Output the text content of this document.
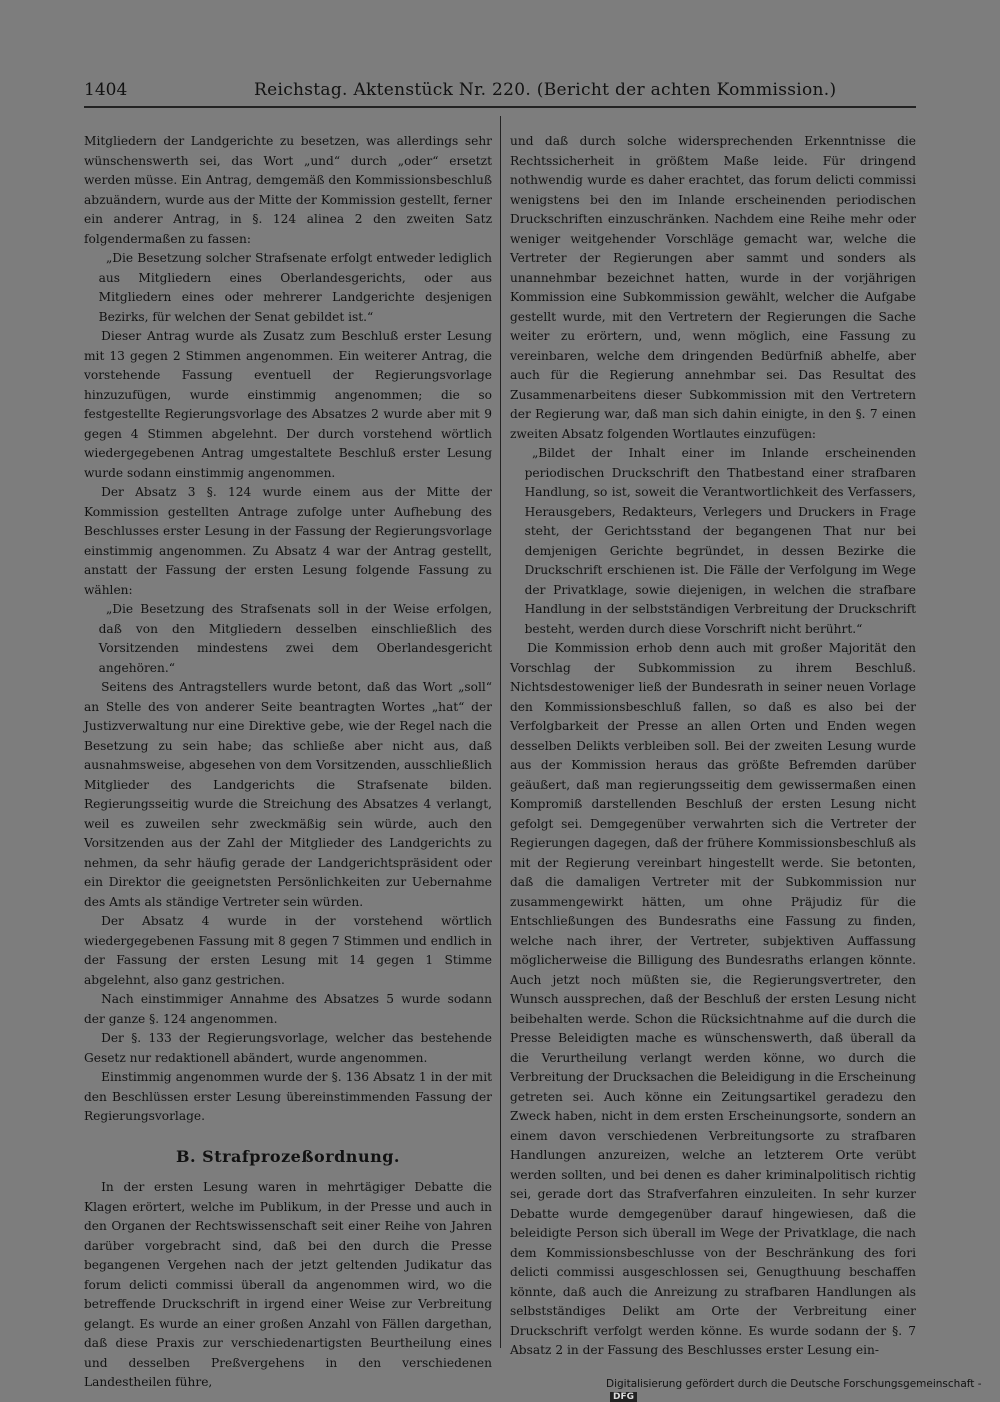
1404	Reichstag. Aktenstück Nr. 220. (Bericht der achten Kommission.)

Mitgliedern der Landgerichte zu besetzen, was allerdings sehr wünschenswerth sei, das Wort „und“ durch „oder“ ersetzt werden müsse. Ein Antrag, demgemäß den Kommissionsbeschluß abzuändern, wurde aus der Mitte der Kommission gestellt, ferner ein anderer Antrag, in §. 124 alinea 2 den zweiten Satz folgendermaßen zu fassen:

„Die Besetzung solcher Strafsenate erfolgt entweder lediglich aus Mitgliedern eines Oberlandesgerichts, oder aus Mitgliedern eines oder mehrerer Landgerichte desjenigen Bezirks, für welchen der Senat gebildet ist.“

Dieser Antrag wurde als Zusatz zum Beschluß erster Lesung mit 13 gegen 2 Stimmen angenommen. Ein weiterer Antrag, die vorstehende Fassung eventuell der Regierungsvorlage hinzuzufügen, wurde einstimmig angenommen; die so festgestellte Regierungsvorlage des Absatzes 2 wurde aber mit 9 gegen 4 Stimmen abgelehnt. Der durch vorstehend wörtlich wiedergegebenen Antrag umgestaltete Beschluß erster Lesung wurde sodann einstimmig angenommen.

Der Absatz 3 §. 124 wurde einem aus der Mitte der Kommission gestellten Antrage zufolge unter Aufhebung des Beschlusses erster Lesung in der Fassung der Regierungsvorlage einstimmig angenommen. Zu Absatz 4 war der Antrag gestellt, anstatt der Fassung der ersten Lesung folgende Fassung zu wählen:

„Die Besetzung des Strafsenats soll in der Weise erfolgen, daß von den Mitgliedern desselben einschließlich des Vorsitzenden mindestens zwei dem Oberlandesgericht angehören.“

Seitens des Antragstellers wurde betont, daß das Wort „soll“ an Stelle des von anderer Seite beantragten Wortes „hat“ der Justizverwaltung nur eine Direktive gebe, wie der Regel nach die Besetzung zu sein habe; das schließe aber nicht aus, daß ausnahmsweise, abgesehen von dem Vorsitzenden, ausschließlich Mitglieder des Landgerichts die Strafsenate bilden. Regierungsseitig wurde die Streichung des Absatzes 4 verlangt, weil es zuweilen sehr zweckmäßig sein würde, auch den Vorsitzenden aus der Zahl der Mitglieder des Landgerichts zu nehmen, da sehr häufig gerade der Landgerichtspräsident oder ein Direktor die geeignetsten Persönlichkeiten zur Uebernahme des Amts als ständige Vertreter sein würden.

Der Absatz 4 wurde in der vorstehend wörtlich wiedergegebenen Fassung mit 8 gegen 7 Stimmen und endlich in der Fassung der ersten Lesung mit 14 gegen 1 Stimme abgelehnt, also ganz gestrichen.

Nach einstimmiger Annahme des Absatzes 5 wurde sodann der ganze §. 124 angenommen.

Der §. 133 der Regierungsvorlage, welcher das bestehende Gesetz nur redaktionell abändert, wurde angenommen.

Einstimmig angenommen wurde der §. 136 Absatz 1 in der mit den Beschlüssen erster Lesung übereinstimmenden Fassung der Regierungsvorlage.

B. Strafprozeßordnung.

In der ersten Lesung waren in mehrtägiger Debatte die Klagen erörtert, welche im Publikum, in der Presse und auch in den Organen der Rechtswissenschaft seit einer Reihe von Jahren darüber vorgebracht sind, daß bei den durch die Presse begangenen Vergehen nach der jetzt geltenden Judikatur das forum delicti commissi überall da angenommen wird, wo die betreffende Druckschrift in irgend einer Weise zur Verbreitung gelangt. Es wurde an einer großen Anzahl von Fällen dargethan, daß diese Praxis zur verschiedenartigsten Beurtheilung eines und desselben Preßvergehens in den verschiedenen Landestheilen führe,

und daß durch solche widersprechenden Erkenntnisse die Rechtssicherheit in größtem Maße leide. Für dringend nothwendig wurde es daher erachtet, das forum delicti commissi wenigstens bei den im Inlande erscheinenden periodischen Druckschriften einzuschränken. Nachdem eine Reihe mehr oder weniger weitgehender Vorschläge gemacht war, welche die Vertreter der Regierungen aber sammt und sonders als unannehmbar bezeichnet hatten, wurde in der vorjährigen Kommission eine Subkommission gewählt, welcher die Aufgabe gestellt wurde, mit den Vertretern der Regierungen die Sache weiter zu erörtern, und, wenn möglich, eine Fassung zu vereinbaren, welche dem dringenden Bedürfniß abhelfe, aber auch für die Regierung annehmbar sei. Das Resultat des Zusammenarbeitens dieser Subkommission mit den Vertretern der Regierung war, daß man sich dahin einigte, in den §. 7 einen zweiten Absatz folgenden Wortlautes einzufügen:

„Bildet der Inhalt einer im Inlande erscheinenden periodischen Druckschrift den Thatbestand einer strafbaren Handlung, so ist, soweit die Verantwortlichkeit des Verfassers, Herausgebers, Redakteurs, Verlegers und Druckers in Frage steht, der Gerichtsstand der begangenen That nur bei demjenigen Gerichte begründet, in dessen Bezirke die Druckschrift erschienen ist. Die Fälle der Verfolgung im Wege der Privatklage, sowie diejenigen, in welchen die strafbare Handlung in der selbstständigen Verbreitung der Druckschrift besteht, werden durch diese Vorschrift nicht berührt.“

Die Kommission erhob denn auch mit großer Majorität den Vorschlag der Subkommission zu ihrem Beschluß. Nichtsdestoweniger ließ der Bundesrath in seiner neuen Vorlage den Kommissionsbeschluß fallen, so daß es also bei der Verfolgbarkeit der Presse an allen Orten und Enden wegen desselben Delikts verbleiben soll. Bei der zweiten Lesung wurde aus der Kommission heraus das größte Befremden darüber geäußert, daß man regierungsseitig dem gewissermaßen einen Kompromiß darstellenden Beschluß der ersten Lesung nicht gefolgt sei. Demgegenüber verwahrten sich die Vertreter der Regierungen dagegen, daß der frühere Kommissionsbeschluß als mit der Regierung vereinbart hingestellt werde. Sie betonten, daß die damaligen Vertreter mit der Subkommission nur zusammengewirkt hätten, um ohne Präjudiz für die Entschließungen des Bundesraths eine Fassung zu finden, welche nach ihrer, der Vertreter, subjektiven Auffassung möglicherweise die Billigung des Bundesraths erlangen könnte. Auch jetzt noch müßten sie, die Regierungsvertreter, den Wunsch aussprechen, daß der Beschluß der ersten Lesung nicht beibehalten werde. Schon die Rücksichtnahme auf die durch die Presse Beleidigten mache es wünschenswerth, daß überall da die Verurtheilung verlangt werden könne, wo durch die Verbreitung der Drucksachen die Beleidigung in die Erscheinung getreten sei. Auch könne ein Zeitungsartikel geradezu den Zweck haben, nicht in dem ersten Erscheinungsorte, sondern an einem davon verschiedenen Verbreitungsorte zu strafbaren Handlungen anzureizen, welche an letzterem Orte verübt werden sollten, und bei denen es daher kriminalpolitisch richtig sei, gerade dort das Strafverfahren einzuleiten. In sehr kurzer Debatte wurde demgegenüber darauf hingewiesen, daß die beleidigte Person sich überall im Wege der Privatklage, die nach dem Kommissionsbeschlusse von der Beschränkung des fori delicti commissi ausgeschlossen sei, Genugthuung beschaffen könnte, daß auch die Anreizung zu strafbaren Handlungen als selbstständiges Delikt am Orte der Verbreitung einer Druckschrift verfolgt werden könne. Es wurde sodann der §. 7 Absatz 2 in der Fassung des Beschlusses erster Lesung ein-

Digitalisierung gefördert durch die Deutsche Forschungsgemeinschaft -DFG
